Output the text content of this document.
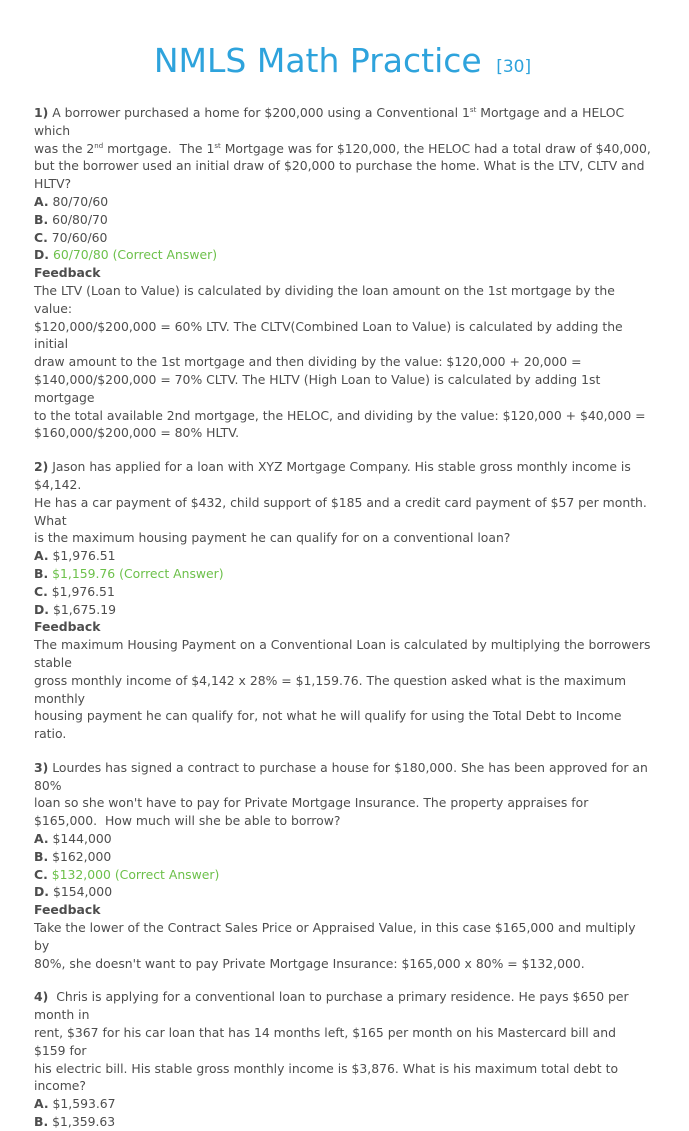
NMLS Math Practice [30]
1) A borrower purchased a home for $200,000 using a Conventional 1st Mortgage and a HELOC which
was the 2nd mortgage.  The 1st Mortgage was for $120,000, the HELOC had a total draw of $40,000,
but the borrower used an initial draw of $20,000 to purchase the home. What is the LTV, CLTV and
HLTV?
A. 80/70/60
B. 60/80/70
C. 70/60/60
D. 60/70/80 (Correct Answer)
Feedback
The LTV (Loan to Value) is calculated by dividing the loan amount on the 1st mortgage by the value:
$120,000/$200,000 = 60% LTV. The CLTV(Combined Loan to Value) is calculated by adding the initial
draw amount to the 1st mortgage and then dividing by the value: $120,000 + 20,000 =
$140,000/$200,000 = 70% CLTV. The HLTV (High Loan to Value) is calculated by adding 1st mortgage
to the total available 2nd mortgage, the HELOC, and dividing by the value: $120,000 + $40,000 =
$160,000/$200,000 = 80% HLTV.
2) Jason has applied for a loan with XYZ Mortgage Company. His stable gross monthly income is $4,142.
He has a car payment of $432, child support of $185 and a credit card payment of $57 per month. What
is the maximum housing payment he can qualify for on a conventional loan?
A. $1,976.51
B. $1,159.76 (Correct Answer)
C. $1,976.51
D. $1,675.19
Feedback
The maximum Housing Payment on a Conventional Loan is calculated by multiplying the borrowers stable
gross monthly income of $4,142 x 28% = $1,159.76. The question asked what is the maximum monthly
housing payment he can qualify for, not what he will qualify for using the Total Debt to Income ratio.
3) Lourdes has signed a contract to purchase a house for $180,000. She has been approved for an 80%
loan so she won't have to pay for Private Mortgage Insurance. The property appraises for
$165,000.  How much will she be able to borrow?
A. $144,000
B. $162,000
C. $132,000 (Correct Answer)
D. $154,000
Feedback
Take the lower of the Contract Sales Price or Appraised Value, in this case $165,000 and multiply by
80%, she doesn't want to pay Private Mortgage Insurance: $165,000 x 80% = $132,000.
4)  Chris is applying for a conventional loan to purchase a primary residence. He pays $650 per month in
rent, $367 for his car loan that has 14 months left, $165 per month on his Mastercard bill and $159 for
his electric bill. His stable gross monthly income is $3,876. What is his maximum total debt to income?
A. $1,593.67
B. $1,359.63
